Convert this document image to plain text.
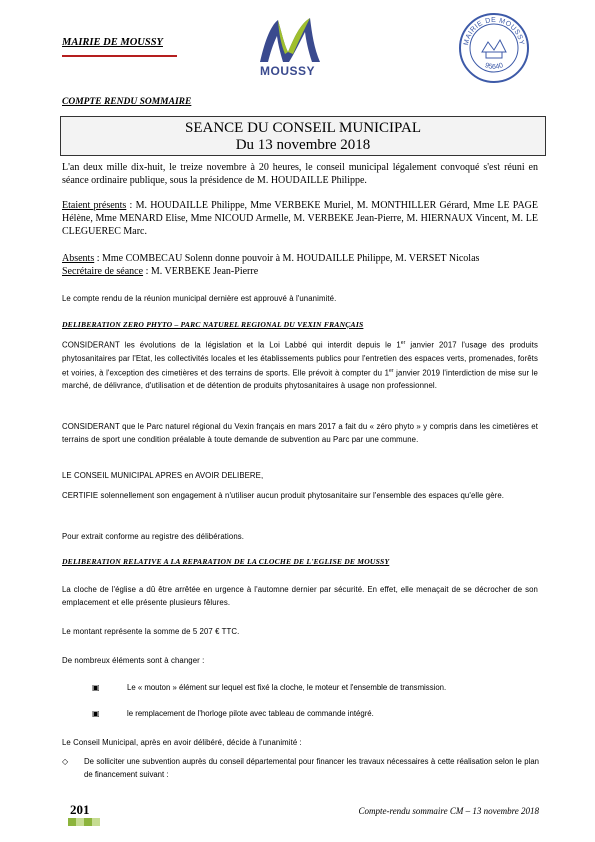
MAIRIE DE MOUSSY
MOUSSY
MAIRIE DE MOUSSY
95640
COMPTE RENDU SOMMAIRE
SEANCE DU CONSEIL MUNICIPAL
Du 13 novembre 2018
L'an deux mille dix-huit, le treize novembre à 20 heures, le conseil municipal légalement convoqué s'est réuni en séance ordinaire publique, sous la présidence de M. HOUDAILLE Philippe.
Etaient présents : M. HOUDAILLE Philippe, Mme VERBEKE Muriel, M. MONTHILLER Gérard, Mme LE PAGE Hélène, Mme MENARD Elise, Mme NICOUD Armelle, M. VERBEKE Jean-Pierre, M. HIERNAUX Vincent, M. LE CLEGUEREC Marc.
Absents : Mme COMBECAU Solenn donne pouvoir à M. HOUDAILLE Philippe, M. VERSET Nicolas
Secrétaire de séance : M. VERBEKE Jean-Pierre
Le compte rendu de la réunion municipal dernière est approuvé à l'unanimité.
DELIBERATION ZERO PHYTO – PARC NATUREL REGIONAL DU VEXIN FRANÇAIS
CONSIDERANT les évolutions de la législation et la Loi Labbé qui interdit depuis le 1er janvier 2017 l'usage des produits phytosanitaires par l'Etat, les collectivités locales et les établissements publics pour l'entretien des espaces verts, promenades, forêts et voiries, à l'exception des cimetières et des terrains de sports. Elle prévoit à compter du 1er janvier 2019 l'interdiction de mise sur le marché, de délivrance, d'utilisation et de détention de produits phytosanitaires à usage non professionnel.
CONSIDERANT que le Parc naturel régional du Vexin français en mars 2017 a fait du « zéro phyto » y compris dans les cimetières et terrains de sport une condition préalable à toute demande de subvention au Parc par une commune.
LE CONSEIL MUNICIPAL APRES en AVOIR DELIBERE,
CERTIFIE solennellement son engagement à n'utiliser aucun produit phytosanitaire sur l'ensemble des espaces qu'elle gère.
Pour extrait conforme au registre des délibérations.
DELIBERATION RELATIVE A LA REPARATION DE LA CLOCHE DE L'EGLISE DE MOUSSY
La cloche de l'église a dû être arrêtée en urgence à l'automne dernier par sécurité. En effet, elle menaçait de se décrocher de son emplacement et elle présente plusieurs fêlures.
Le montant représente la somme de 5 207 € TTC.
De nombreux éléments sont à changer :
▣	Le « mouton » élément sur lequel est fixé la cloche, le moteur et l'ensemble de transmission.
▣	le remplacement de l'horloge pilote avec tableau de commande intégré.
Le Conseil Municipal, après en avoir délibéré, décide à l'unanimité :
◇ De solliciter une subvention auprès du conseil départemental pour financer les travaux nécessaires à cette réalisation selon le plan de financement suivant :
201	Compte-rendu sommaire CM – 13 novembre 2018
